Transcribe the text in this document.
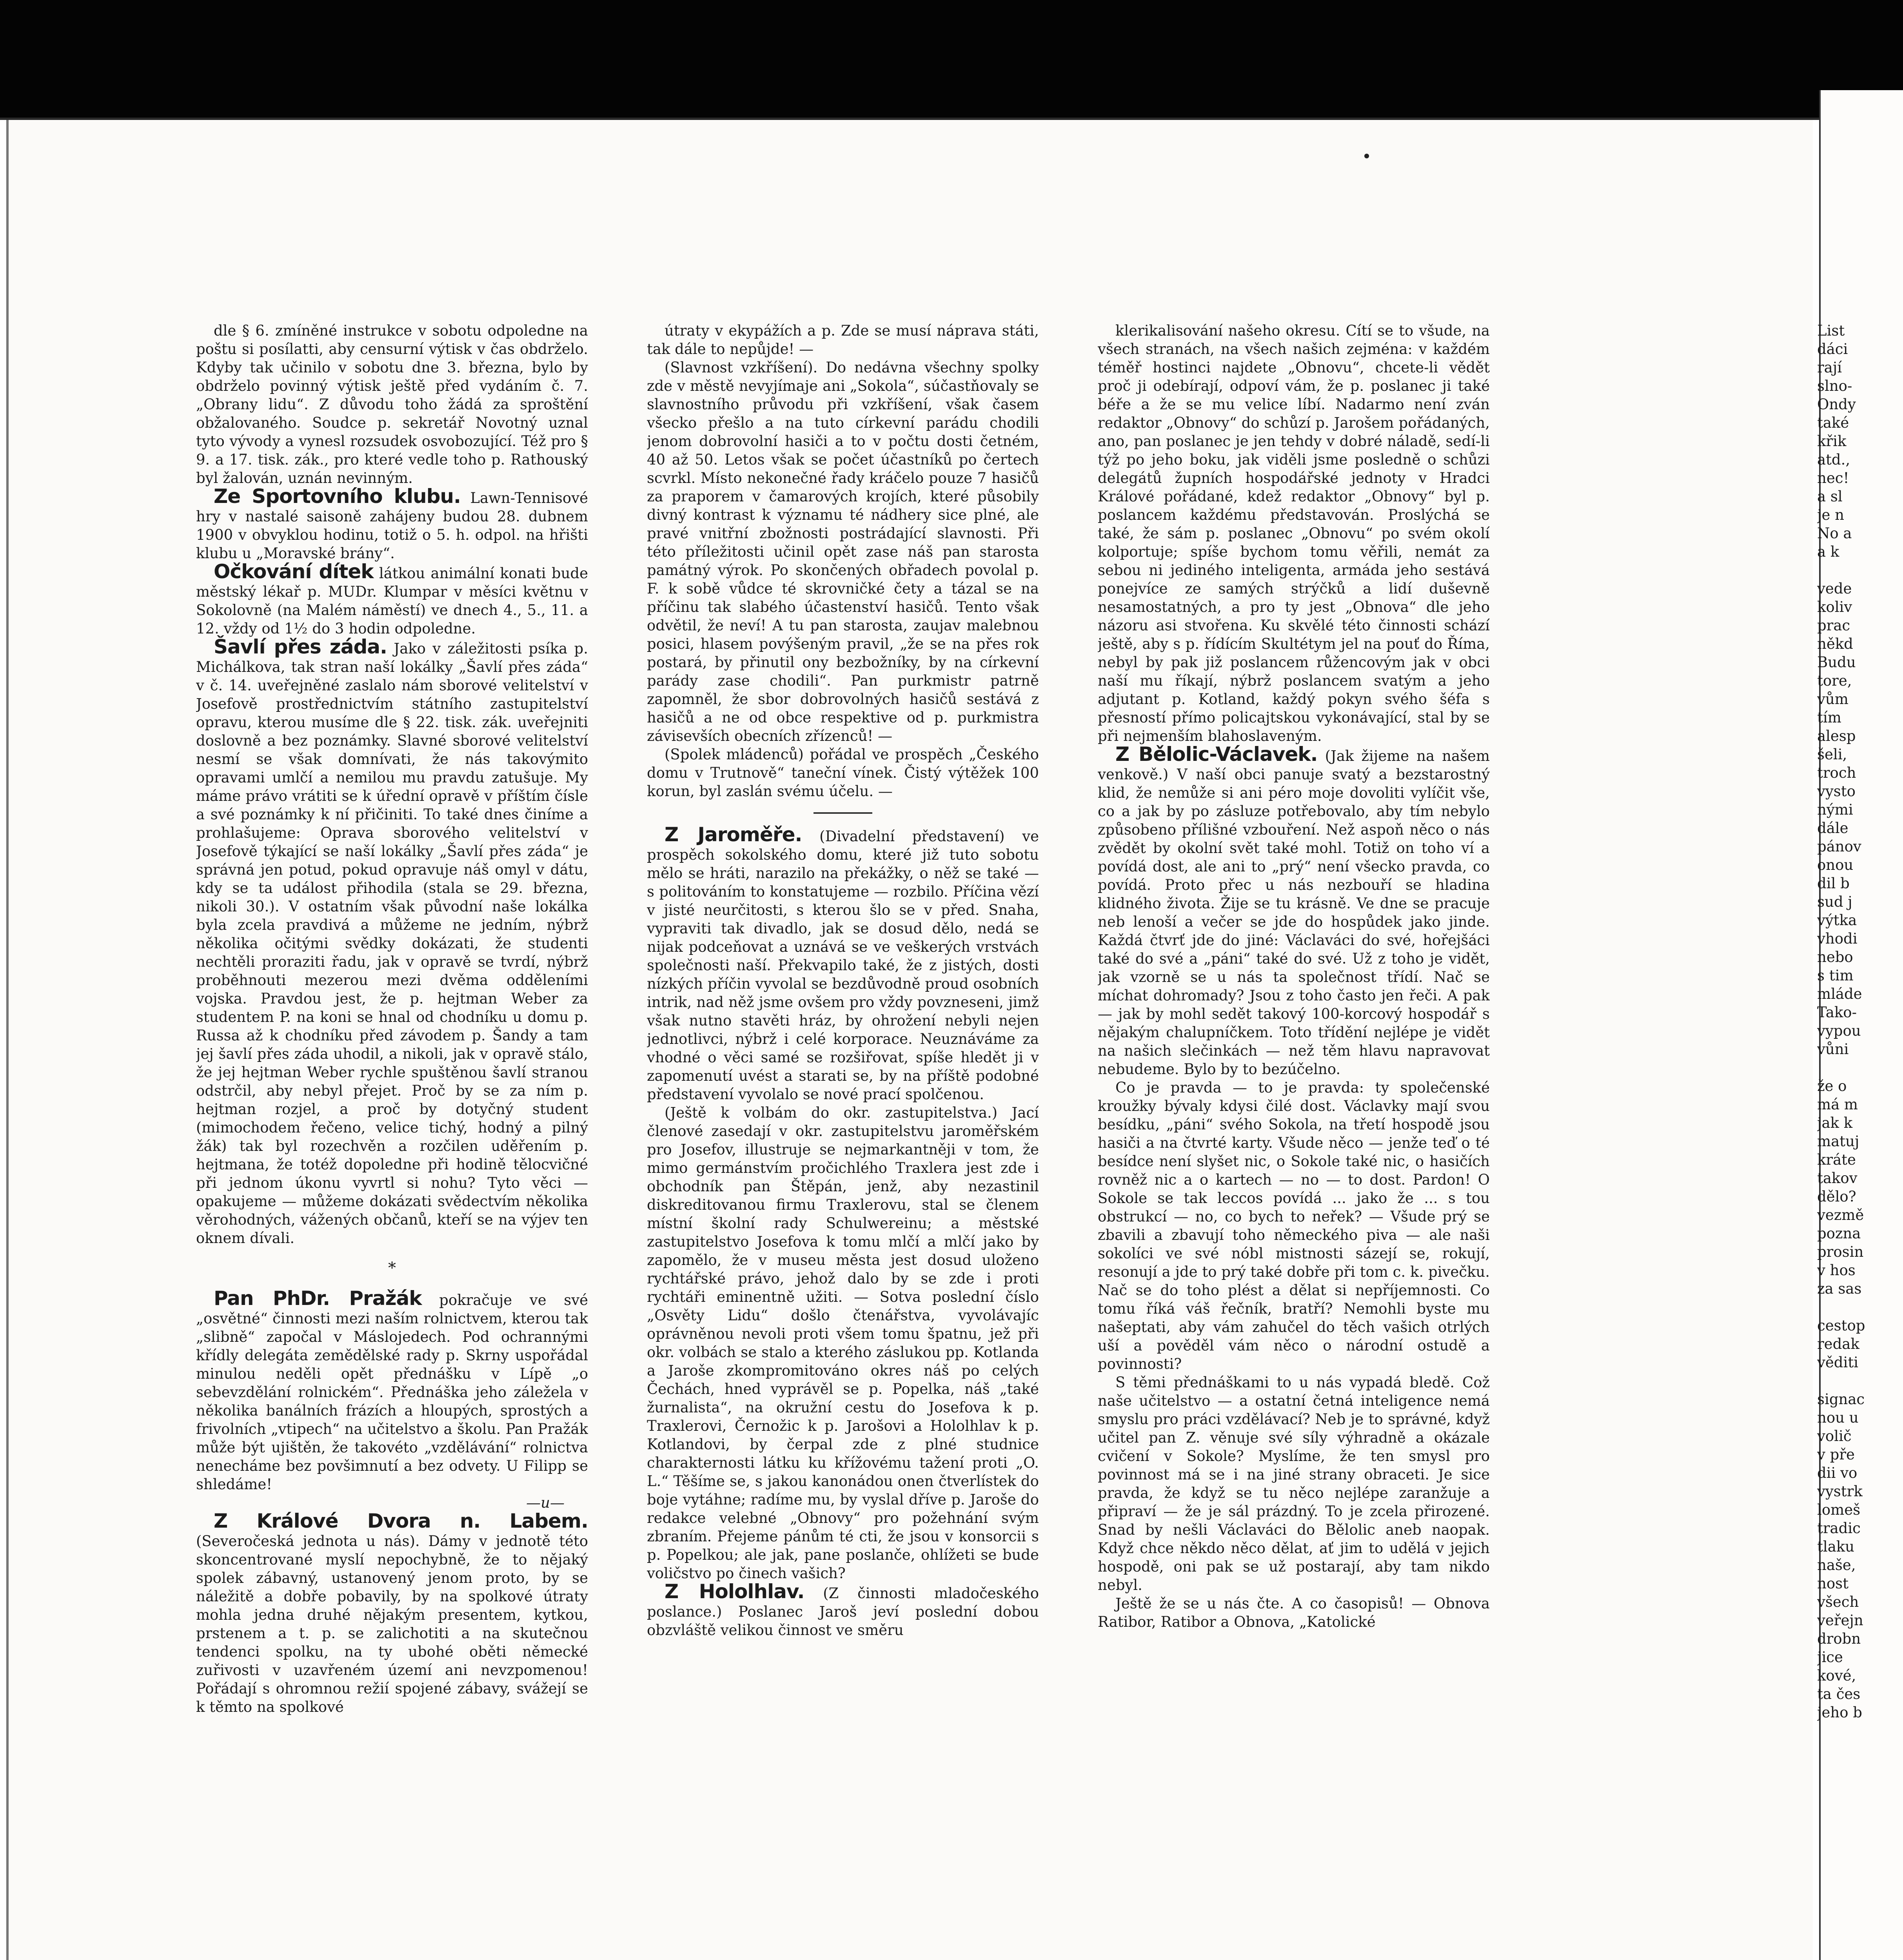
dle § 6. zmíněné instrukce v sobotu odpoledne na poštu si posílatti, aby censurní výtisk v čas obdrželo. Kdyby tak učinilo v sobotu dne 3. března, bylo by obdrželo povinný výtisk ještě před vydáním č. 7. „Obrany lidu“. Z důvodu toho žádá za sproštění obžalovaného. Soudce p. sekretář Novotný uznal tyto vývody a vynesl rozsudek osvobozující. Též pro § 9. a 17. tisk. zák., pro které vedle toho p. Rathouský byl žalován, uznán nevinným.

Ze Sportovního klubu. Lawn-Tennisové hry v nastalé saisoně zahájeny budou 28. dubnem 1900 v obvyklou hodinu, totiž o 5. h. odpol. na hřišti klubu u „Moravské brány“.

Očkování dítek látkou animální konati bude městský lékař p. MUDr. Klumpar v měsíci květnu v Sokolovně (na Malém náměstí) ve dnech 4., 5., 11. a 12. vždy od 1½ do 3 hodin odpoledne.

Šavlí přes záda. Jako v záležitosti psíka p. Michálkova, tak stran naší lokálky „Šavlí přes záda“ v č. 14. uveřejněné zaslalo nám sborové velitelství v Josefově prostřednictvím státního zastupitelství opravu, kterou musíme dle § 22. tisk. zák. uveřejniti doslovně a bez poznámky. Slavné sborové velitelství nesmí se však domnívati, že nás takovýmito opravami umlčí a nemilou mu pravdu zatušuje. My máme právo vrátiti se k úřední opravě v příštím čísle a své poznámky k ní přičiniti. To také dnes činíme a prohlašujeme: Oprava sborového velitelství v Josefově týkající se naší lokálky „Šavlí přes záda“ je správná jen potud, pokud opravuje náš omyl v dátu, kdy se ta událost přihodila (stala se 29. března, nikoli 30.). V ostatním však původní naše lokálka byla zcela pravdivá a můžeme ne jedním, nýbrž několika očitými svědky dokázati, že studenti nechtěli proraziti řadu, jak v opravě se tvrdí, nýbrž proběhnouti mezerou mezi dvěma odděleními vojska. Pravdou jest, že p. hejtman Weber za studentem P. na koni se hnal od chodníku u domu p. Russa až k chodníku před závodem p. Šandy a tam jej šavlí přes záda uhodil, a nikoli, jak v opravě stálo, že jej hejtman Weber rychle spuštěnou šavlí stranou odstrčil, aby nebyl přejet. Proč by se za ním p. hejtman rozjel, a proč by dotyčný student (mimochodem řečeno, velice tichý, hodný a pilný žák) tak byl rozechvěn a rozčilen uděřením p. hejtmana, že totéž dopoledne při hodině tělocvičné při jednom úkonu vyvrtl si nohu? Tyto věci — opakujeme — můžeme dokázati svědectvím několika věrohodných, vážených občanů, kteří se na výjev ten oknem dívali.

*

Pan PhDr. Pražák pokračuje ve své „osvětné“ činnosti mezi naším rolnictvem, kterou tak „slibně“ započal v Máslojedech. Pod ochrannými křídly delegáta zemědělské rady p. Skrny uspořádal minulou neděli opět přednášku v Lípě „o sebevzdělání rolnickém“. Přednáška jeho záležela v několika banálních frázích a hloupých, sprostých a frivolních „vtipech“ na učitelstvo a školu. Pan Pražák může být ujištěn, že takovéto „vzdělávání“ rolnictva nenecháme bez povšimnutí a bez odvety. U Filipp se shledáme!

—u—

Z Králové Dvora n. Labem. (Severočeská jednota u nás). Dámy v jednotě této skoncentrované myslí nepochybně, že to nějaký spolek zábavný, ustanovený jenom proto, by se náležitě a dobře pobavily, by na spolkové útraty mohla jedna druhé nějakým presentem, kytkou, prstenem a t. p. se zalichotiti a na skutečnou tendenci spolku, na ty ubohé oběti německé zuřivosti v uzavřeném území ani nevzpomenou! Pořádají s ohromnou režií spojené zábavy, svážejí se k těmto na spolkové

útraty v ekypážích a p. Zde se musí náprava státi, tak dále to nepůjde! —

(Slavnost vzkříšení). Do nedávna všechny spolky zde v městě nevyjímaje ani „Sokola“, súčastňovaly se slavnostního průvodu při vzkříšení, však časem všecko přešlo a na tuto církevní parádu chodili jenom dobrovolní hasiči a to v počtu dosti četném, 40 až 50. Letos však se počet účastníků po čertech scvrkl. Místo nekonečné řady kráčelo pouze 7 hasičů za praporem v čamarových krojích, které působily divný kontrast k významu té nádhery sice plné, ale pravé vnitřní zbožnosti postrádající slavnosti. Při této příležitosti učinil opět zase náš pan starosta památný výrok. Po skončených obřadech povolal p. F. k sobě vůdce té skrovničké čety a tázal se na příčinu tak slabého účastenství hasičů. Tento však odvětil, že neví! A tu pan starosta, zaujav malebnou posici, hlasem povýšeným pravil, „že se na přes rok postará, by přinutil ony bezbožníky, by na církevní parády zase chodili“. Pan purkmistr patrně zapomněl, že sbor dobrovolných hasičů sestává z hasičů a ne od obce respektive od p. purkmistra závisevších obecních zřízenců! —

(Spolek mládenců) pořádal ve prospěch „Českého domu v Trutnově“ taneční vínek. Čistý výtěžek 100 korun, byl zaslán svému účelu. —

Z Jaroměře. (Divadelní představení) ve prospěch sokolského domu, které již tuto sobotu mělo se hráti, narazilo na překážky, o něž se také — s politováním to konstatujeme — rozbilo. Příčina vězí v jisté neurčitosti, s kterou šlo se v před. Snaha, vypraviti tak divadlo, jak se dosud dělo, nedá se nijak podceňovat a uznává se ve veškerých vrstvách společnosti naší. Překvapilo také, že z jistých, dosti nízkých příčin vyvolal se bezdůvodně proud osobních intrik, nad něž jsme ovšem pro vždy povzneseni, jimž však nutno stavěti hráz, by ohrožení nebyli nejen jednotlivci, nýbrž i celé korporace. Neuznáváme za vhodné o věci samé se rozšiřovat, spíše hledět ji v zapomenutí uvést a starati se, by na příště podobné představení vyvolalo se nové prací spolčenou.

(Ještě k volbám do okr. zastupitelstva.) Jací členové zasedají v okr. zastupitelstvu jaroměřském pro Josefov, illustruje se nejmarkantněji v tom, že mimo germánstvím pročichlého Traxlera jest zde i obchodník pan Štěpán, jenž, aby nezastinil diskreditovanou firmu Traxlerovu, stal se členem místní školní rady Schulwereinu; a městské zastupitelstvo Josefova k tomu mlčí a mlčí jako by zapomělo, že v museu města jest dosud uloženo rychtářské právo, jehož dalo by se zde i proti rychtáři eminentně užiti. — Sotva poslední číslo „Osvěty Lidu“ došlo čtenářstva, vyvolávajíc oprávněnou nevoli proti všem tomu špatnu, jež při okr. volbách se stalo a kterého záslukou pp. Kotlanda a Jaroše zkompromitováno okres náš po celých Čechách, hned vyprávěl se p. Popelka, náš „také žurnalista“, na okružní cestu do Josefova k p. Traxlerovi, Černožic k p. Jarošovi a Hololhlav k p. Kotlandovi, by čerpal zde z plné studnice charakternosti látku ku křížovému tažení proti „O. L.“ Těšíme se, s jakou kanonádou onen čtverlístek do boje vytáhne; radíme mu, by vyslal dříve p. Jaroše do redakce velebné „Obnovy“ pro požehnání svým zbraním. Přejeme pánům té cti, že jsou v konsorcii s p. Popelkou; ale jak, pane poslanče, ohlížeti se bude voličstvo po činech vašich?

Z Hololhlav. (Z činnosti mladočeského poslance.) Poslanec Jaroš jeví poslední dobou obzvláště velikou činnost ve směru

klerikalisování našeho okresu. Cítí se to všude, na všech stranách, na všech našich zejména: v každém téměř hostinci najdete „Obnovu“, chcete-li vědět proč ji odebírají, odpoví vám, že p. poslanec ji také béře a že se mu velice líbí. Nadarmo není zván redaktor „Obnovy“ do schůzí p. Jarošem pořádaných, ano, pan poslanec je jen tehdy v dobré náladě, sedí-li týž po jeho boku, jak viděli jsme posledně o schůzi delegátů župních hospodářské jednoty v Hradci Králové pořádané, kdež redaktor „Obnovy“ byl p. poslancem každému představován. Proslýchá se také, že sám p. poslanec „Obnovu“ po svém okolí kolportuje; spíše bychom tomu věřili, nemát za sebou ni jediného inteligenta, armáda jeho sestává ponejvíce ze samých strýčků a lidí duševně nesamostatných, a pro ty jest „Obnova“ dle jeho názoru asi stvořena. Ku skvělé této činnosti schází ještě, aby s p. řídícím Skultétym jel na pouť do Říma, nebyl by pak již poslancem růžencovým jak v obci naší mu říkají, nýbrž poslancem svatým a jeho adjutant p. Kotland, každý pokyn svého šéfa s přesností přímo policajtskou vykonávající, stal by se při nejmenším blahoslaveným.

Z Bělolic-Václavek. (Jak žijeme na našem venkově.) V naší obci panuje svatý a bezstarostný klid, že nemůže si ani péro moje dovoliti vylíčit vše, co a jak by po zásluze potřebovalo, aby tím nebylo způsobeno přílišné vzbouření. Než aspoň něco o nás zvědět by okolní svět také mohl. Totiž on toho ví a povídá dost, ale ani to „prý“ není všecko pravda, co povídá. Proto přec u nás nezbouří se hladina klidného života. Žije se tu krásně. Ve dne se pracuje neb lenoší a večer se jde do hospůdek jako jinde. Každá čtvrť jde do jiné: Václaváci do své, hořejšáci také do své a „páni“ také do své. Už z toho je vidět, jak vzorně se u nás ta společnost třídí. Nač se míchat dohromady? Jsou z toho často jen řeči. A pak — jak by mohl sedět takový 100-korcový hospodář s nějakým chalupníčkem. Toto třídění nejlépe je vidět na našich slečinkách — než těm hlavu napravovat nebudeme. Bylo by to bezúčelno.

Co je pravda — to je pravda: ty společenské kroužky bývaly kdysi čilé dost. Václavky mají svou besídku, „páni“ svého Sokola, na třetí hospodě jsou hasiči a na čtvrté karty. Všude něco — jenže teď o té besídce není slyšet nic, o Sokole také nic, o hasičích rovněž nic a o kartech — no — to dost. Pardon! O Sokole se tak leccos povídá ... jako že ... s tou obstrukcí — no, co bych to neřek? — Všude prý se zbavili a zbavují toho německého piva — ale naši sokolíci ve své nóbl mistnosti sázejí se, rokují, resonují a jde to prý také dobře při tom c. k. pivečku. Nač se do toho plést a dělat si nepříjemnosti. Co tomu říká váš řečník, bratří? Nemohli byste mu našeptati, aby vám zahučel do těch vašich otrlých uší a pověděl vám něco o národní ostudě a povinnosti?

S těmi přednáškami to u nás vypadá bledě. Což naše učitelstvo — a ostatní četná inteligence nemá smyslu pro práci vzdělávací? Neb je to správné, když učitel pan Z. věnuje své síly výhradně a okázale cvičení v Sokole? Myslíme, že ten smysl pro povinnost má se i na jiné strany obraceti. Je sice pravda, že když se tu něco nejlépe zaranžuje a připraví — že je sál prázdný. To je zcela přirozené. Snad by nešli Václaváci do Bělolic aneb naopak. Když chce někdo něco dělat, ať jim to udělá v jejich hospodě, oni pak se už postarají, aby tam nikdo nebyl.

Ještě že se u nás čte. A co časopisů! — Obnova Ratibor, Ratibor a Obnova, „Katolické

List
dáci
rají
slno-
Ondy
také
křik
atd.,
nec!
a sl
je n
No a
a k

vede
koliv
prac
někd
Budu
tore,
vům
tím
alesp
šeli,
troch
vysto
nými
dále
pánov
onou
dil b
sud j
výtka
vhodi
nebo
s tim
mláde
Tako-
vypou
vůni

že o
má m
jak k
matuj
kráte
takov
dělo?
vezmě
pozna
prosin
v hos
za sas

cestop
redak
věditi

signac
nou u
volič
v pře
dii vo
vystrk
lomeš
tradic
tlaku
naše,
nost
všech
veřejn
drobn
jice
kové,
ta čes
jeho b
